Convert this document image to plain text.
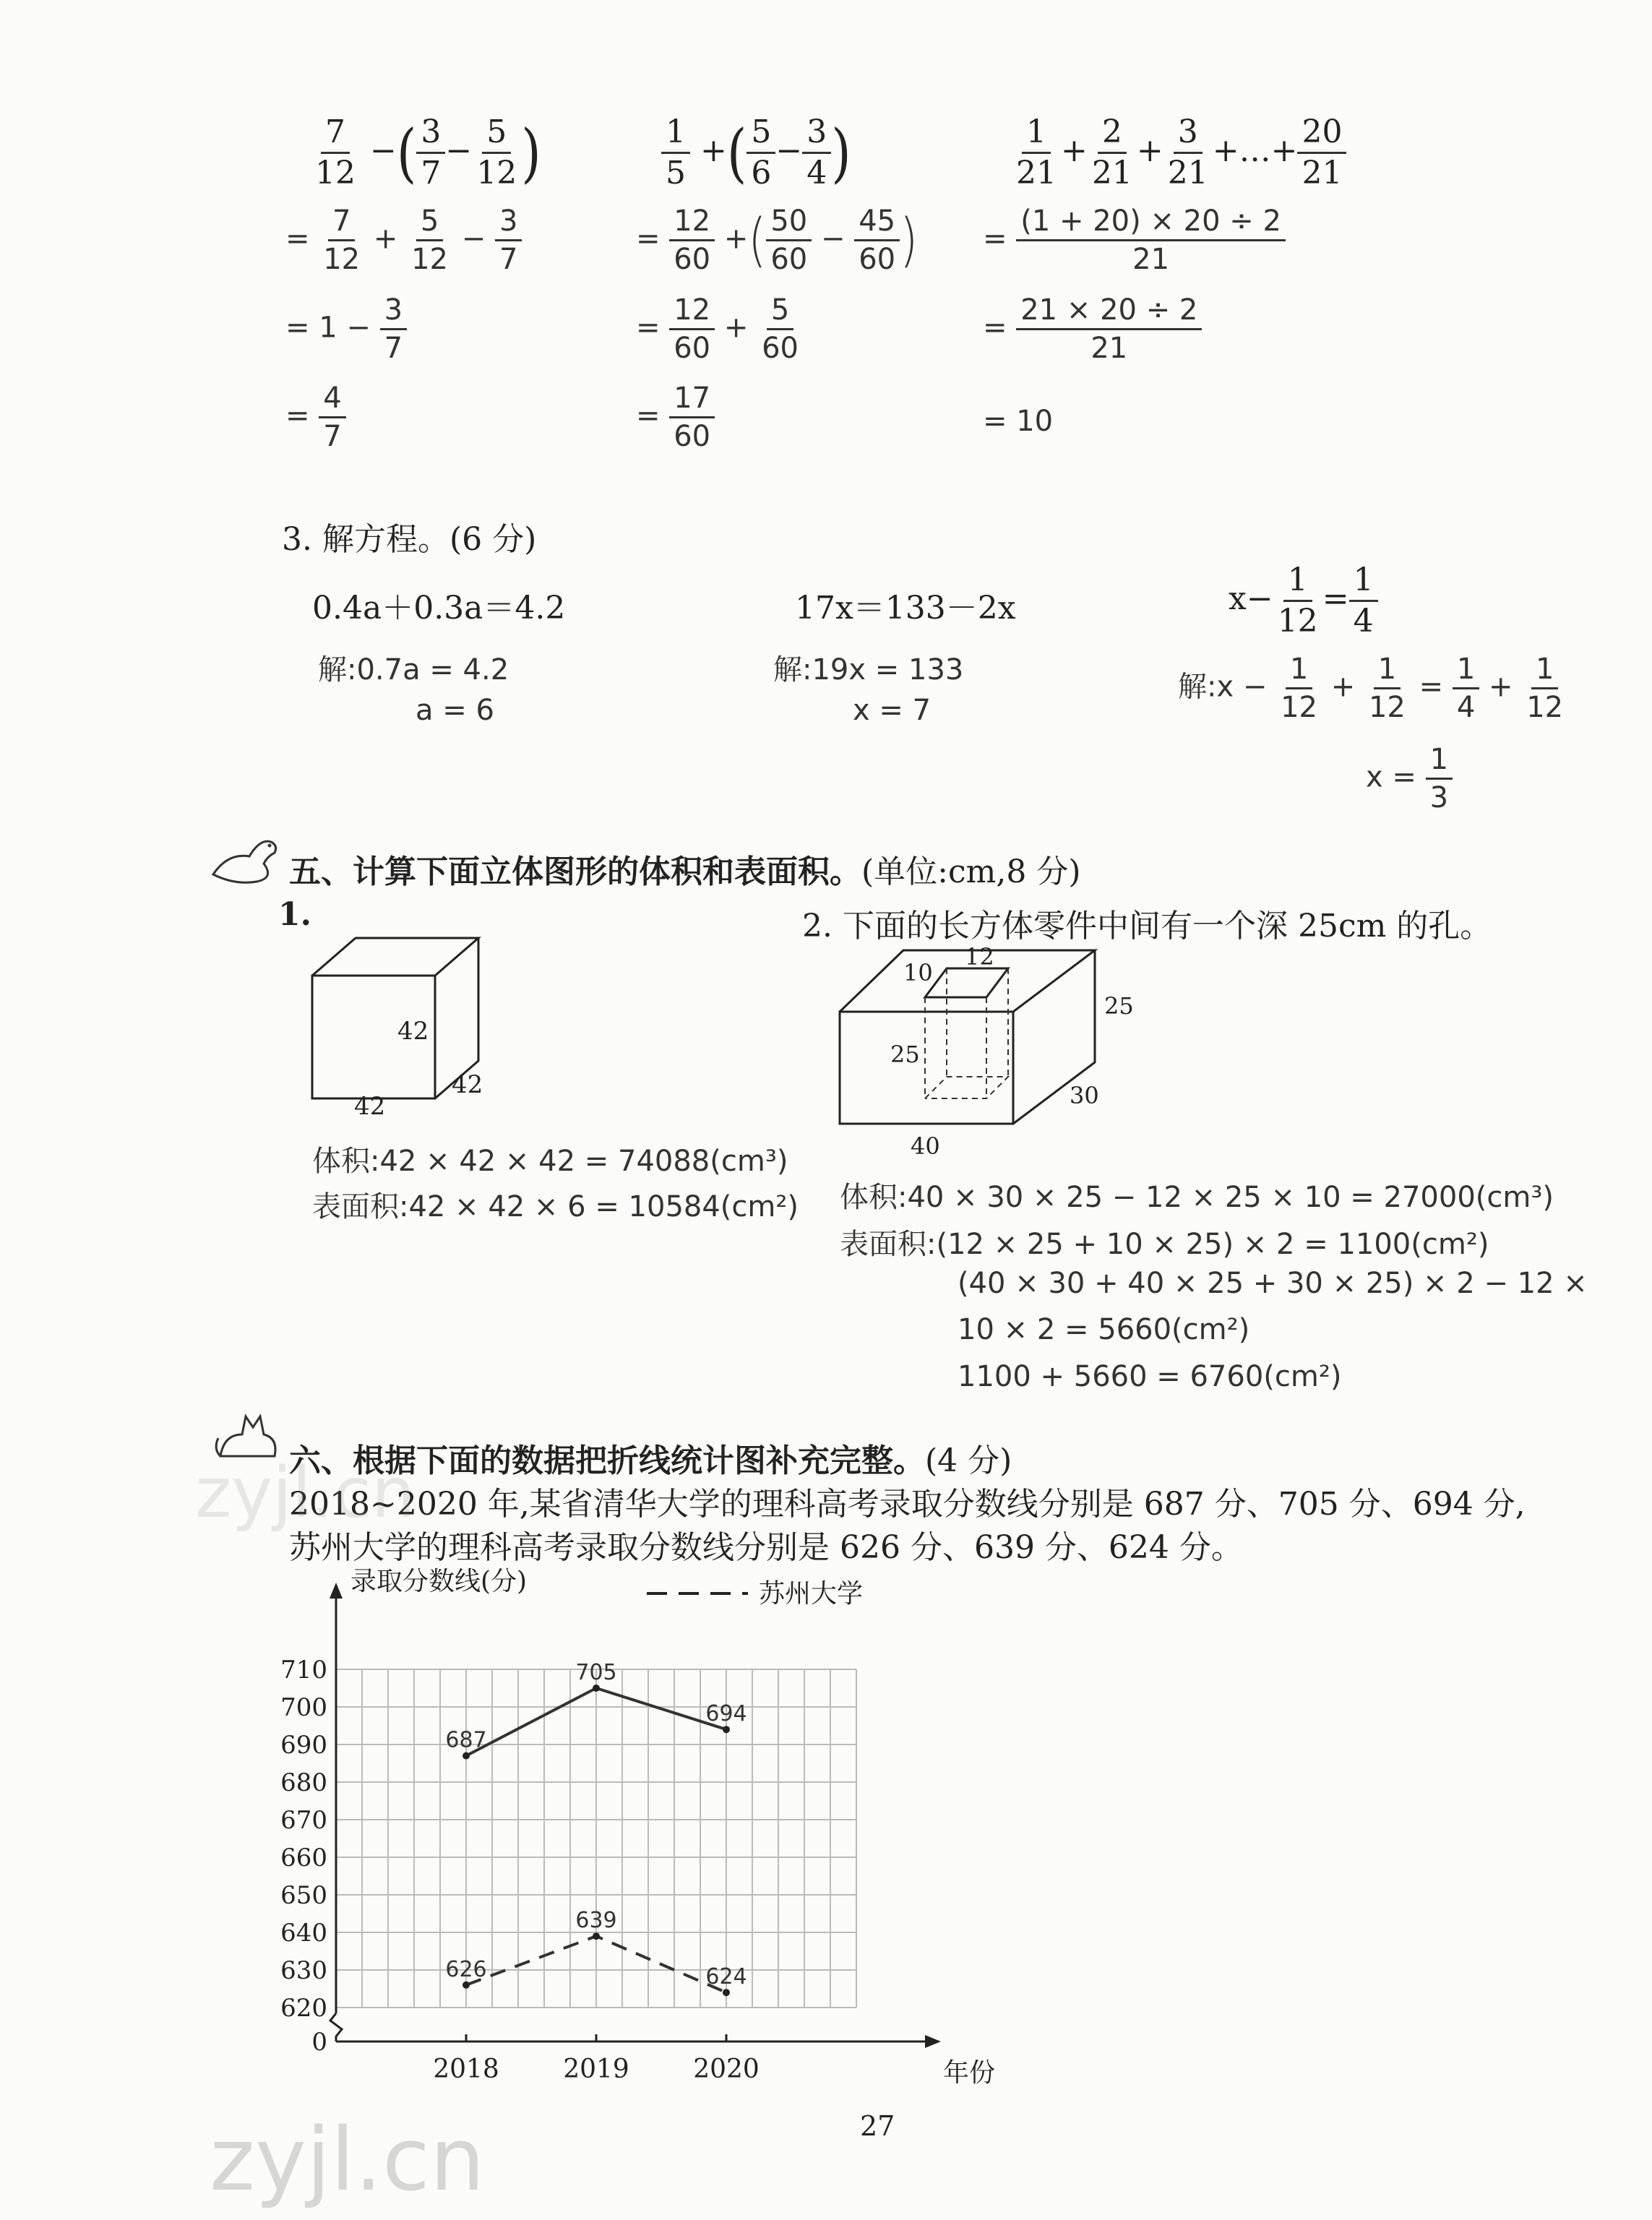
$\frac{7}{12}$ −( $\frac{3}{7} - \frac{5}{12}$ )
= $\frac{7}{12} + \frac{5}{12} - \frac{3}{7}$
= $1 - \frac{3}{7}$
= $\frac{4}{7}$
$\frac{1}{5}$ +( $\frac{5}{6} - \frac{3}{4}$ )
= $\frac{12}{60}$ +( $\frac{50}{60} - \frac{45}{60}$ )
= $\frac{12}{60} + \frac{5}{60}$
= $\frac{17}{60}$
$\frac{1}{21} + \frac{2}{21} + \frac{3}{21}$ +…+ $\frac{20}{21}$
= $\frac{(1 + 20) \times 20 \div 2}{21}$
= $\frac{21 \times 20 \div 2}{21}$
= 10
3. 解方程。(6 分)
0.4a＋0.3a＝4.2
解:0.7a = 4.2
a = 6
17x＝133－2x
解:19x = 133
x = 7
$x- \frac{1}{12} = \frac{1}{4}$
解:x − $\frac{1}{12} + \frac{1}{12} = \frac{1}{4} + \frac{1}{12}$
$x = \frac{1}{3}$
五、计算下面立体图形的体积和表面积。(单位:cm,8 分)
1.
42
42
42
体积:42 × 42 × 42 = 74088(cm³)
表面积:42 × 42 × 6 = 10584(cm²)
2. 下面的长方体零件中间有一个深 25cm 的孔。
12
10
25
25
30
40
体积:40 × 30 × 25 − 12 × 25 × 10 = 27000(cm³)
表面积:(12 × 25 + 10 × 25) × 2 = 1100(cm²)
(40 × 30 + 40 × 25 + 30 × 25) × 2 − 12 ×
10 × 2 = 5660(cm²)
1100 + 5660 = 6760(cm²)
六、根据下面的数据把折线统计图补充完整。(4 分)
2018~2020 年,某省清华大学的理科高考录取分数线分别是 687 分、705 分、694 分,
苏州大学的理科高考录取分数线分别是 626 分、639 分、624 分。
710
700
690
680
670
660
650
640
630
620
0
录取分数线(分)
年份
2018 2019 2020
苏州大学
687
705
694
626
639
624
zyjl.cn
zyjl.cn
27
